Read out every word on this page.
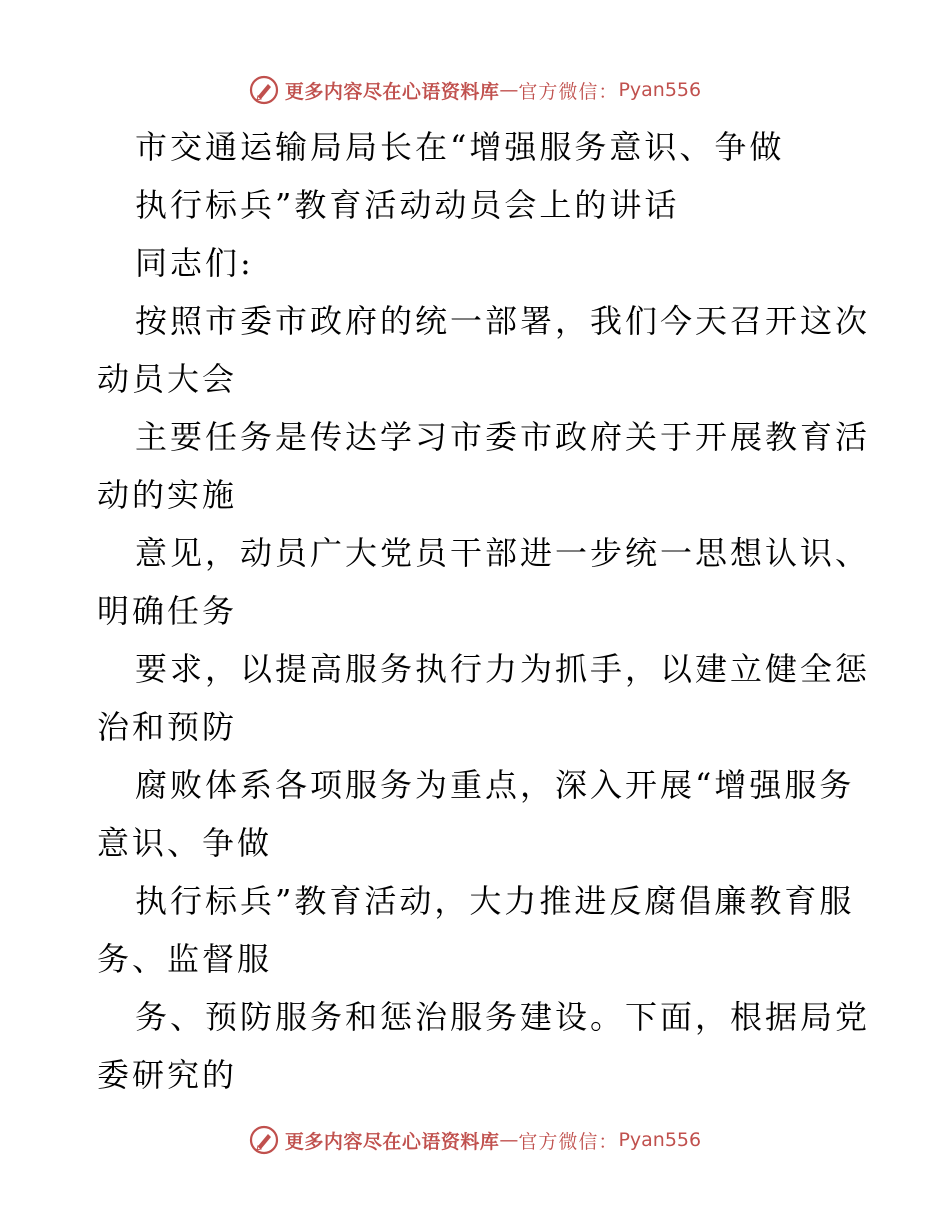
更多内容尽在心语资料库 — 官方微信： Pyan556
市交通运输局局长在“增强服务意识、争做
执行标兵”教育活动动员会上的讲话
同志们:
按照市委市政府的统一部署，我们今天召开这次
动员大会
主要任务是传达学习市委市政府关于开展教育活
动的实施
意见，动员广大党员干部进一步统一思想认识、
明确任务
要求，以提高服务执行力为抓手，以建立健全惩
治和预防
腐败体系各项服务为重点，深入开展“增强服务
意识、争做
执行标兵”教育活动，大力推进反腐倡廉教育服
务、监督服
务、预防服务和惩治服务建设。下面，根据局党
委研究的
更多内容尽在心语资料库 — 官方微信： Pyan556
